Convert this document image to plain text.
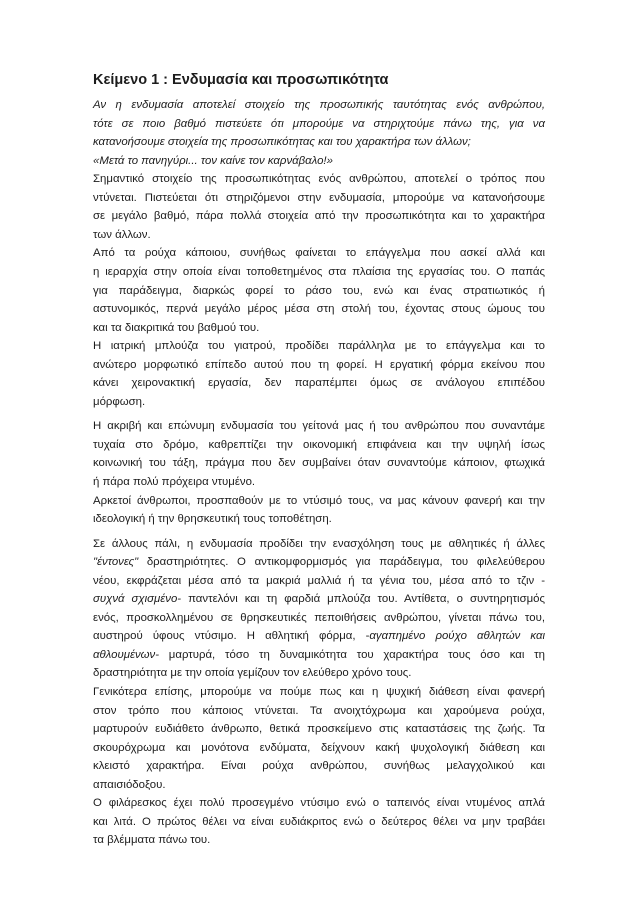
Κείμενο 1 : Ενδυμασία και προσωπικότητα
Αν η ενδυμασία αποτελεί στοιχείο της προσωπικής ταυτότητας ενός ανθρώπου,
τότε σε ποιο βαθμό πιστεύετε ότι μπορούμε να στηριχτούμε πάνω της, για να
κατανοήσουμε στοιχεία της προσωπικότητας και του χαρακτήρα των άλλων;
«Μετά το πανηγύρι... τον καίνε τον καρνάβαλο!»
Σημαντικό στοιχείο της προσωπικότητας ενός ανθρώπου, αποτελεί ο τρόπος που
ντύνεται. Πιστεύεται ότι στηριζόμενοι στην ενδυμασία, μπορούμε να κατανοήσουμε
σε μεγάλο βαθμό, πάρα πολλά στοιχεία από την προσωπικότητα και το χαρακτήρα
των άλλων.
Από τα ρούχα κάποιου, συνήθως φαίνεται το επάγγελμα που ασκεί αλλά και
η ιεραρχία στην οποία είναι τοποθετημένος στα πλαίσια της εργασίας του. Ο παπάς
για παράδειγμα, διαρκώς φορεί το ράσο του, ενώ και ένας στρατιωτικός ή
αστυνομικός, περνά μεγάλο μέρος μέσα στη στολή του, έχοντας στους ώμους του
και τα διακριτικά του βαθμού του.
Η ιατρική μπλούζα του γιατρού, προδίδει παράλληλα με το επάγγελμα και το
ανώτερο μορφωτικό επίπεδο αυτού που τη φορεί. Η εργατική φόρμα εκείνου που
κάνει χειρονακτική εργασία, δεν παραπέμπει όμως σε ανάλογου επιπέδου
μόρφωση.
Η ακριβή και επώνυμη ενδυμασία του γείτονά μας ή του ανθρώπου που συναντάμε
τυχαία στο δρόμο, καθρεπτίζει την οικονομική επιφάνεια και την υψηλή ίσως
κοινωνική του τάξη, πράγμα που δεν συμβαίνει όταν συναντούμε κάποιον, φτωχικά
ή πάρα πολύ πρόχειρα ντυμένο.
Αρκετοί άνθρωποι, προσπαθούν με το ντύσιμό τους, να μας κάνουν φανερή και την
ιδεολογική ή την θρησκευτική τους τοποθέτηση.
Σε άλλους πάλι, η ενδυμασία προδίδει την ενασχόληση τους με αθλητικές ή άλλες
"έντονες" δραστηριότητες. Ο αντικομφορμισμός για παράδειγμα, του φιλελεύθερου
νέου, εκφράζεται μέσα από τα μακριά μαλλιά ή τα γένια του, μέσα από το τζιν -
συχνά σχισμένο- παντελόνι και τη φαρδιά μπλούζα του. Αντίθετα, ο συντηρητισμός
ενός, προσκολλημένου σε θρησκευτικές πεποιθήσεις ανθρώπου, γίνεται πάνω του,
αυστηρού ύφους ντύσιμο. Η αθλητική φόρμα, -αγαπημένο ρούχο αθλητών και
αθλουμένων- μαρτυρά, τόσο τη δυναμικότητα του χαρακτήρα τους όσο και τη
δραστηριότητα με την οποία γεμίζουν τον ελεύθερο χρόνο τους.
Γενικότερα επίσης, μπορούμε να πούμε πως και η ψυχική διάθεση είναι φανερή
στον τρόπο που κάποιος ντύνεται. Τα ανοιχτόχρωμα και χαρούμενα ρούχα,
μαρτυρούν ευδιάθετο άνθρωπο, θετικά προσκείμενο στις καταστάσεις της ζωής. Τα
σκουρόχρωμα και μονότονα ενδύματα, δείχνουν κακή ψυχολογική διάθεση και
κλειστό χαρακτήρα. Είναι ρούχα ανθρώπου, συνήθως μελαγχολικού και
απαισιόδοξου.
Ο φιλάρεσκος έχει πολύ προσεγμένο ντύσιμο ενώ ο ταπεινός είναι ντυμένος απλά
και λιτά. Ο πρώτος θέλει να είναι ευδιάκριτος ενώ ο δεύτερος θέλει να μην τραβάει
τα βλέμματα πάνω του.
